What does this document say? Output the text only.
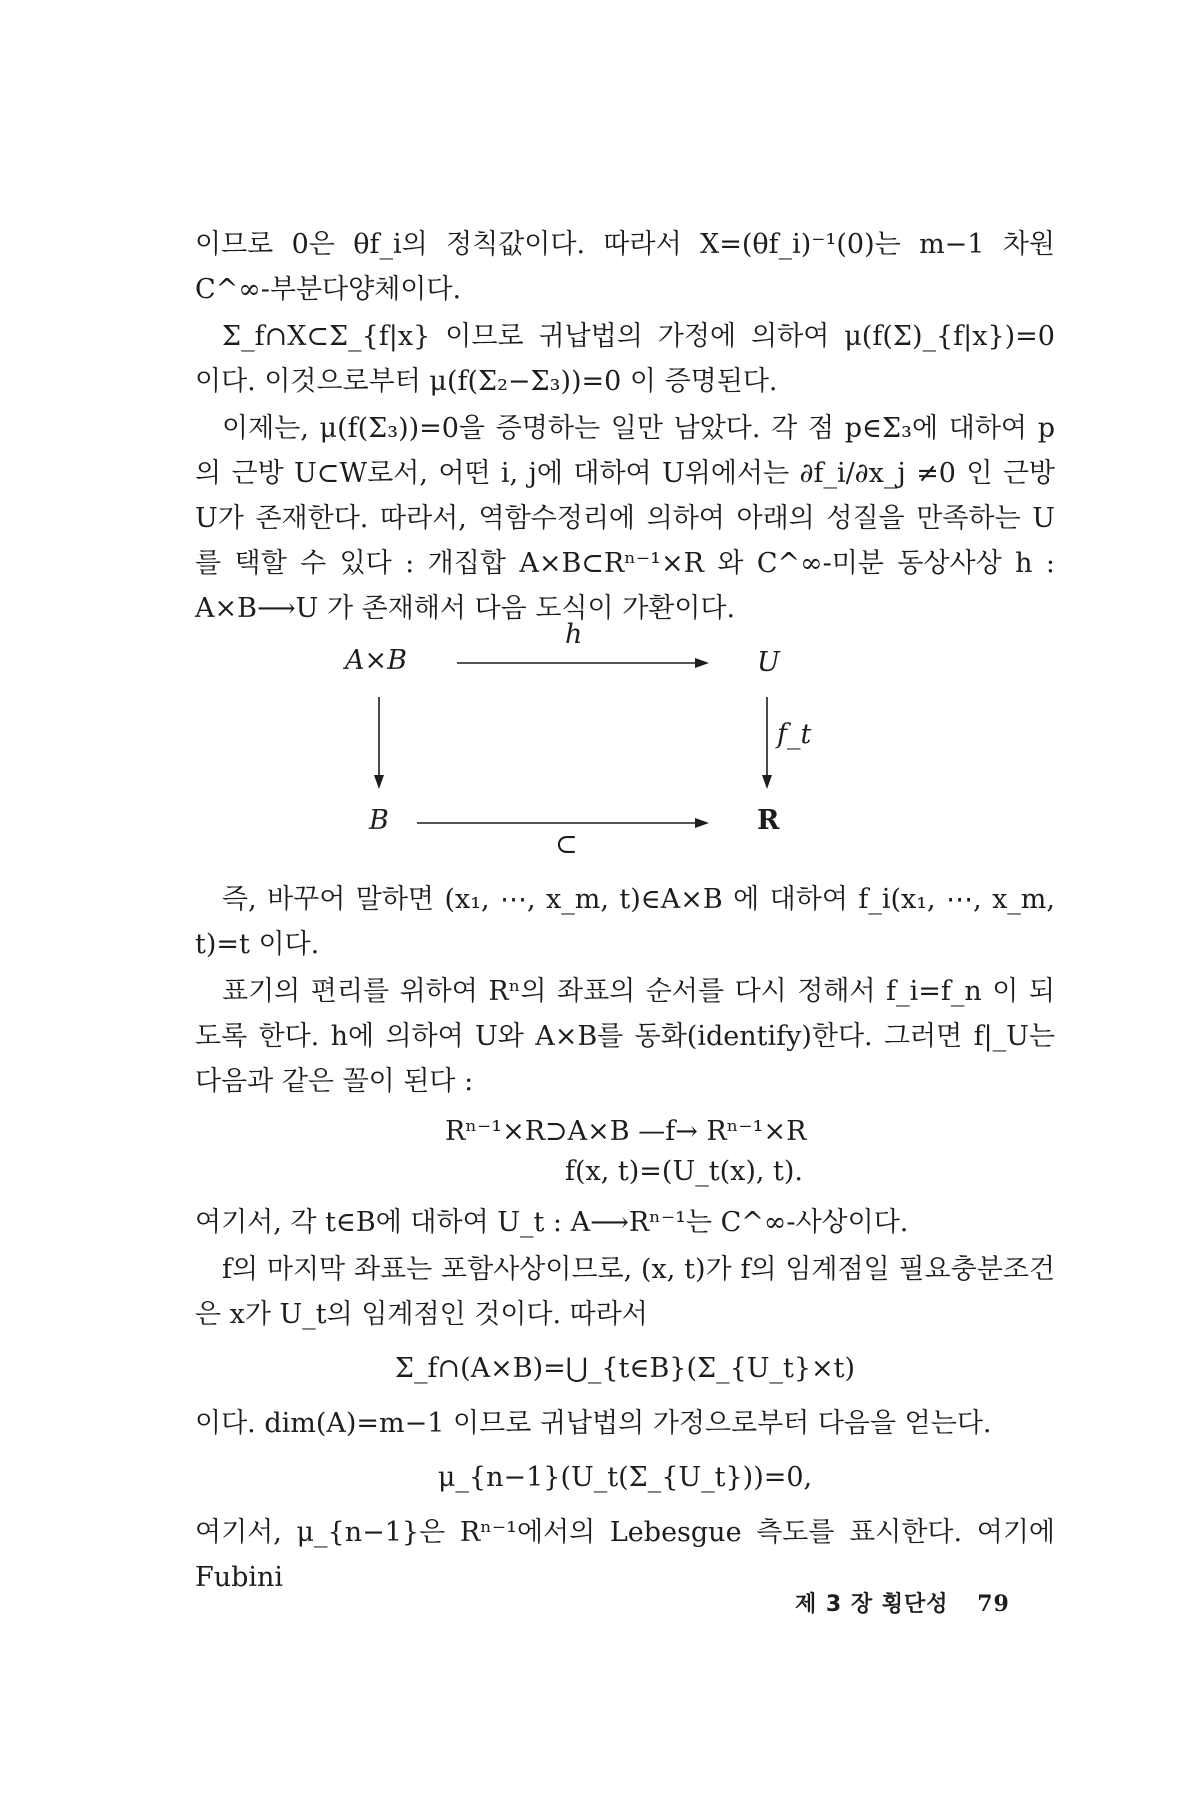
이므로 0은 θf_i의 정칙값이다. 따라서 X=(θf_i)⁻¹(0)는 m−1 차원 C^∞-부분다양체이다.

Σ_f∩X⊂Σ_{f|x} 이므로 귀납법의 가정에 의하여 μ(f(Σ)_{f|x})=0 이다. 이것으로부터 μ(f(Σ₂−Σ₃))=0 이 증명된다.

이제는, μ(f(Σ₃))=0을 증명하는 일만 남았다. 각 점 p∈Σ₃에 대하여 p의 근방 U⊂W로서, 어떤 i, j에 대하여 U위에서는 ∂f_i/∂x_j ≠0 인 근방 U가 존재한다. 따라서, 역함수정리에 의하여 아래의 성질을 만족하는 U를 택할 수 있다 : 개집합 A×B⊂Rⁿ⁻¹×R 와 C^∞-미분 동상사상 h : A×B⟶U 가 존재해서 다음 도식이 가환이다.

A×B
h
U
f_t
B	R
⊂

즉, 바꾸어 말하면 (x₁, ⋯, x_m, t)∈A×B 에 대하여 f_i(x₁, ⋯, x_m, t)=t 이다.

표기의 편리를 위하여 Rⁿ의 좌표의 순서를 다시 정해서 f_i=f_n 이 되도록 한다. h에 의하여 U와 A×B를 동화(identify)한다. 그러면 f|_U는 다음과 같은 꼴이 된다 :

Rⁿ⁻¹×R⊃A×B —f→ Rⁿ⁻¹×R
f(x, t)=(U_t(x), t).

여기서, 각 t∈B에 대하여 U_t : A⟶Rⁿ⁻¹는 C^∞-사상이다.

f의 마지막 좌표는 포함사상이므로, (x, t)가 f의 임계점일 필요충분조건은 x가 U_t의 임계점인 것이다. 따라서

Σ_f∩(A×B)=⋃_{t∈B}(Σ_{U_t}×t)

이다. dim(A)=m−1 이므로 귀납법의 가정으로부터 다음을 얻는다.

μ_{n−1}(U_t(Σ_{U_t}))=0,

여기서, μ_{n−1}은 Rⁿ⁻¹에서의 Lebesgue 측도를 표시한다. 여기에 Fubini

제 3 장 횡단성 79
